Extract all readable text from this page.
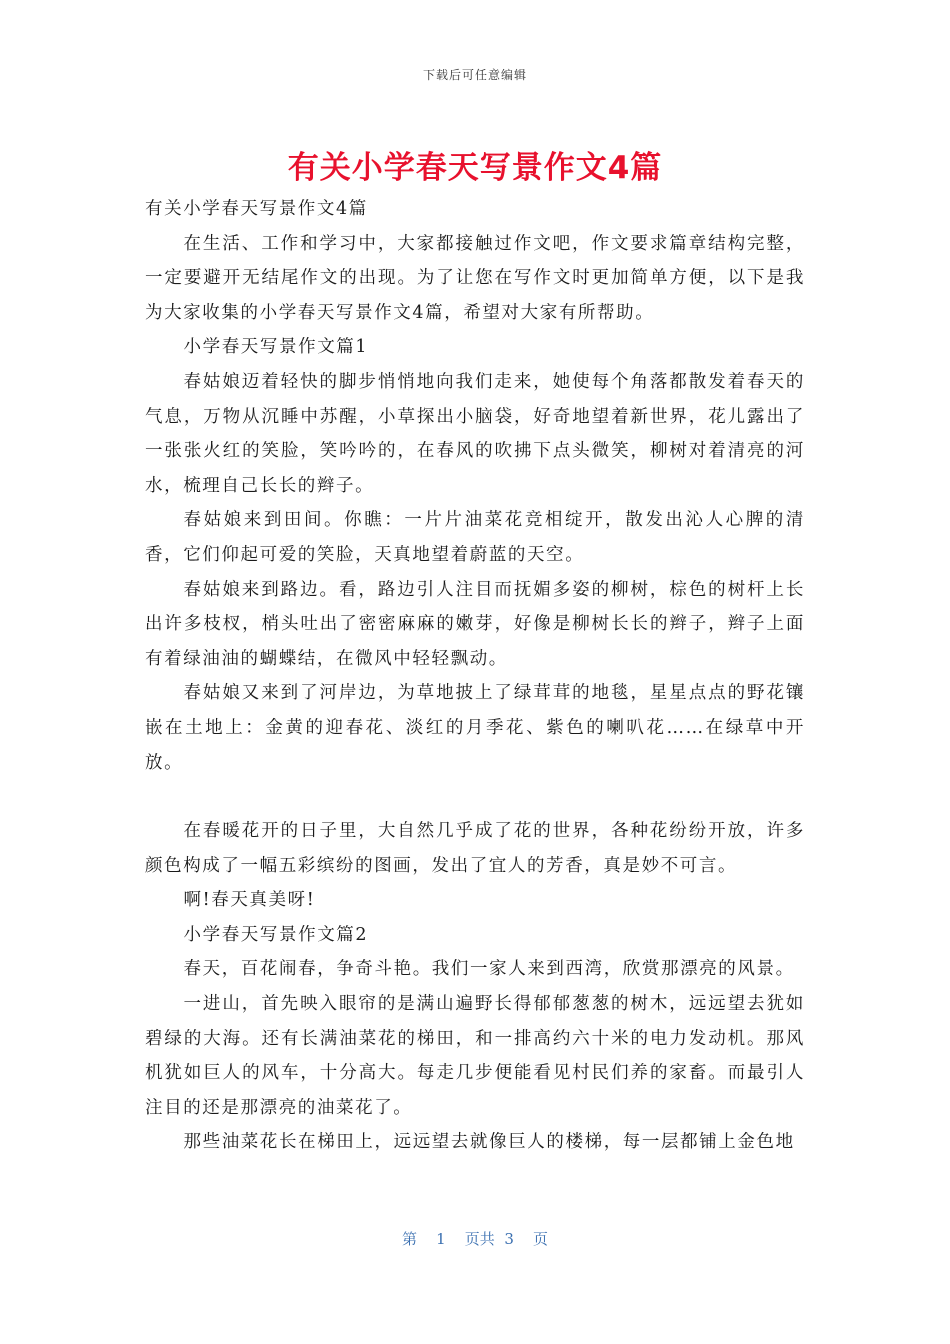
下载后可任意编辑
有关小学春天写景作文4篇

有关小学春天写景作文4篇

在生活、工作和学习中，大家都接触过作文吧，作文要求篇章结构完整，一定要避开无结尾作文的出现。为了让您在写作文时更加简单方便，以下是我为大家收集的小学春天写景作文4篇，希望对大家有所帮助。

小学春天写景作文篇1

春姑娘迈着轻快的脚步悄悄地向我们走来，她使每个角落都散发着春天的气息，万物从沉睡中苏醒，小草探出小脑袋，好奇地望着新世界，花儿露出了一张张火红的笑脸，笑吟吟的，在春风的吹拂下点头微笑，柳树对着清亮的河水，梳理自己长长的辫子。

春姑娘来到田间。你瞧：一片片油菜花竞相绽开，散发出沁人心脾的清香，它们仰起可爱的笑脸，天真地望着蔚蓝的天空。

春姑娘来到路边。看，路边引人注目而抚媚多姿的柳树，棕色的树杆上长出许多枝杈，梢头吐出了密密麻麻的嫩芽，好像是柳树长长的辫子，辫子上面有着绿油油的蝴蝶结，在微风中轻轻飘动。

春姑娘又来到了河岸边，为草地披上了绿茸茸的地毯，星星点点的野花镶嵌在土地上：金黄的迎春花、淡红的月季花、紫色的喇叭花……在绿草中开放。

在春暖花开的日子里，大自然几乎成了花的世界，各种花纷纷开放，许多颜色构成了一幅五彩缤纷的图画，发出了宜人的芳香，真是妙不可言。

啊!春天真美呀!

小学春天写景作文篇2

春天，百花闹春，争奇斗艳。我们一家人来到西湾，欣赏那漂亮的风景。

一进山，首先映入眼帘的是满山遍野长得郁郁葱葱的树木，远远望去犹如碧绿的大海。还有长满油菜花的梯田，和一排高约六十米的电力发动机。那风机犹如巨人的风车，十分高大。每走几步便能看见村民们养的家畜。而最引人注目的还是那漂亮的油菜花了。

那些油菜花长在梯田上，远远望去就像巨人的楼梯，每一层都铺上金色地

第 1 页共 3 页
